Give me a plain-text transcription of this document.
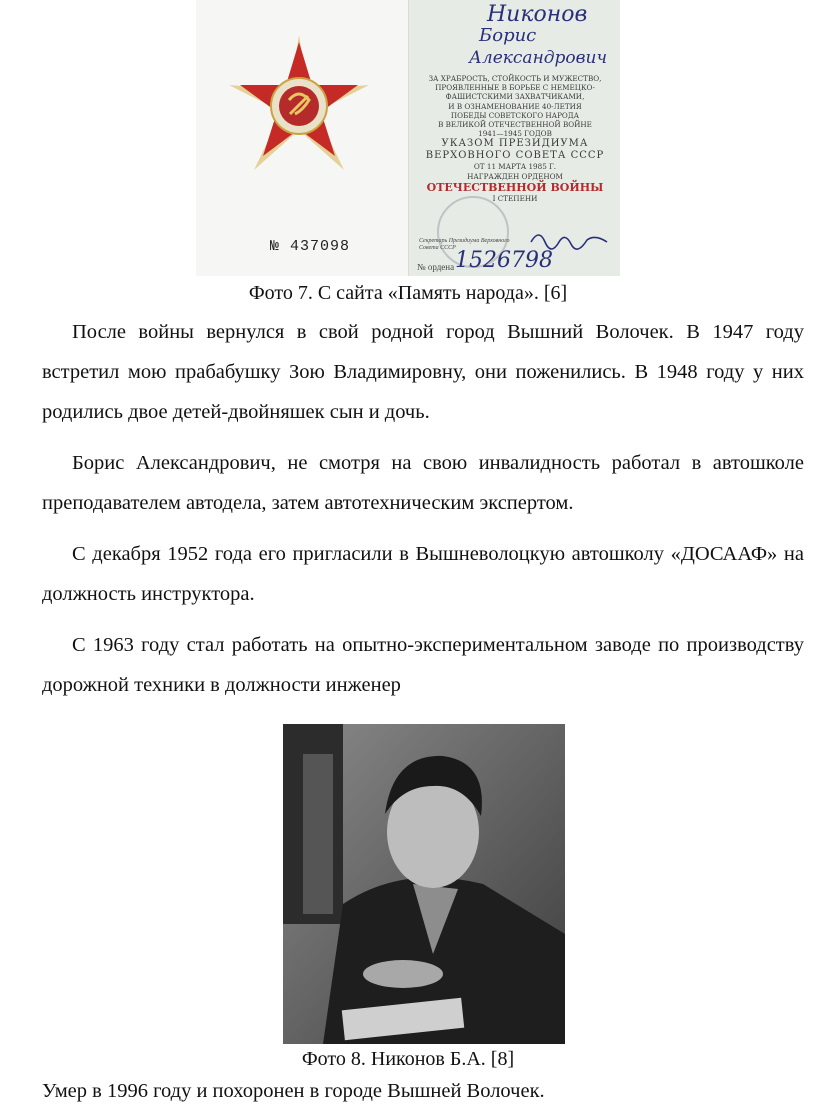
№ 437098
Никонов
Борис
Александрович
ЗА ХРАБРОСТЬ, СТОЙКОСТЬ И МУЖЕСТВО,
ПРОЯВЛЕННЫЕ В БОРЬБЕ С НЕМЕЦКО-
ФАШИСТСКИМИ ЗАХВАТЧИКАМИ,
И В ОЗНАМЕНОВАНИЕ 40-ЛЕТИЯ
ПОБЕДЫ СОВЕТСКОГО НАРОДА
В ВЕЛИКОЙ ОТЕЧЕСТВЕННОЙ ВОЙНЕ
1941—1945 ГОДОВ
УКАЗОМ ПРЕЗИДИУМА
ВЕРХОВНОГО СОВЕТА СССР
ОТ 11 МАРТА 1985 Г.
НАГРАЖДЕН ОРДЕНОМ
ОТЕЧЕСТВЕННОЙ ВОЙНЫ
I СТЕПЕНИ
Секретарь Президиума Верховного Совета СССР
№ ордена 1526798
Фото 7. С сайта «Память народа». [6]

После войны вернулся в свой родной город Вышний Волочек. В 1947 году встретил мою прабабушку Зою Владимировну, они поженились. В 1948 году у них родились двое детей-двойняшек сын и дочь.

Борис Александрович, не смотря на свою инвалидность работал в автошколе преподавателем автодела, затем автотехническим экспертом.

С декабря 1952 года его пригласили в Вышневолоцкую автошколу «ДОСААФ» на должность инструктора.

С 1963 году стал работать на опытно-экспериментальном заводе по производству дорожной техники в должности инженер

Фото 8. Никонов Б.А. [8]

Умер в 1996 году и похоронен в городе Вышней Волочек.
